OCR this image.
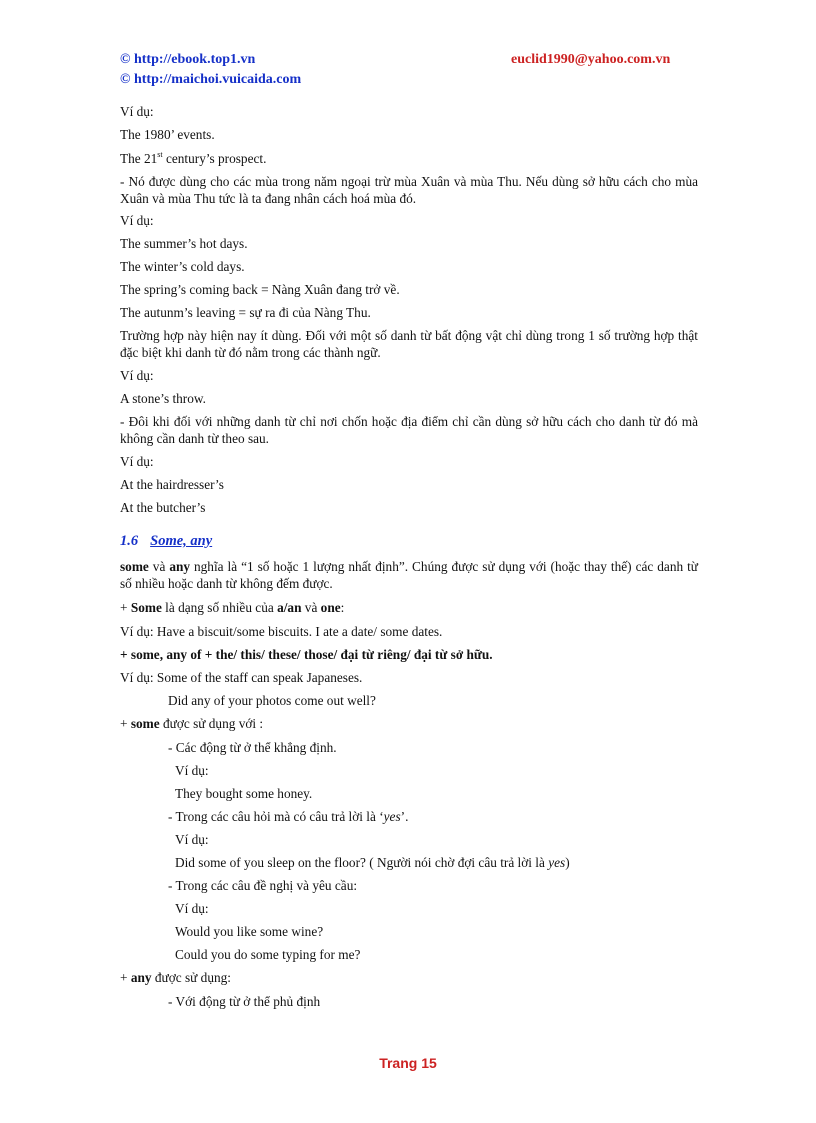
© http://ebook.top1.vn
© http://maichoi.vuicaida.com
euclid1990@yahoo.com.vn
Ví dụ:
The 1980’ events.
The 21st century’s prospect.
- Nó được dùng cho các mùa trong năm ngoại trừ mùa Xuân và mùa Thu. Nếu dùng sở hữu cách cho mùa Xuân và mùa Thu tức là ta đang nhân cách hoá mùa đó.
Ví dụ:
The summer’s hot days.
The winter’s cold days.
The spring’s coming back = Nàng Xuân đang trở về.
The autunm’s leaving = sự ra đi của Nàng Thu.
Trường hợp này hiện nay ít dùng. Đối với một số danh từ bất động vật chỉ dùng trong 1 số trường hợp thật đặc biệt khi danh từ đó nằm trong các thành ngữ.
Ví dụ:
A stone’s throw.
- Đôi khi đối với những danh từ chỉ nơi chốn hoặc địa điểm chỉ cần dùng sở hữu cách cho danh từ đó mà không cần danh từ theo sau.
Ví dụ:
At the hairdresser’s
At the butcher’s
1.6 Some, any
some và any nghĩa là “1 số hoặc 1 lượng nhất định”. Chúng được sử dụng với (hoặc thay thế) các danh từ số nhiều hoặc danh từ không đếm được.
+ Some là dạng số nhiều của a/an và one:
Ví dụ: Have a biscuit/some biscuits. I ate a date/ some dates.
+ some, any of + the/ this/ these/ those/ đại từ riêng/ đại từ sở hữu.
Ví dụ: Some of the staff can speak Japaneses.
Did any of your photos come out well?
+ some được sử dụng với :
- Các động từ ở thể khẳng định.
Ví dụ:
They bought some honey.
- Trong các câu hỏi mà có câu trả lời là ‘yes’.
Ví dụ:
Did some of you sleep on the floor? ( Người nói chờ đợi câu trả lời là yes)
- Trong các câu đề nghị và yêu cầu:
Ví dụ:
Would you like some wine?
Could you do some typing for me?
+ any được sử dụng:
- Với động từ ở thể phủ định
Trang 15
